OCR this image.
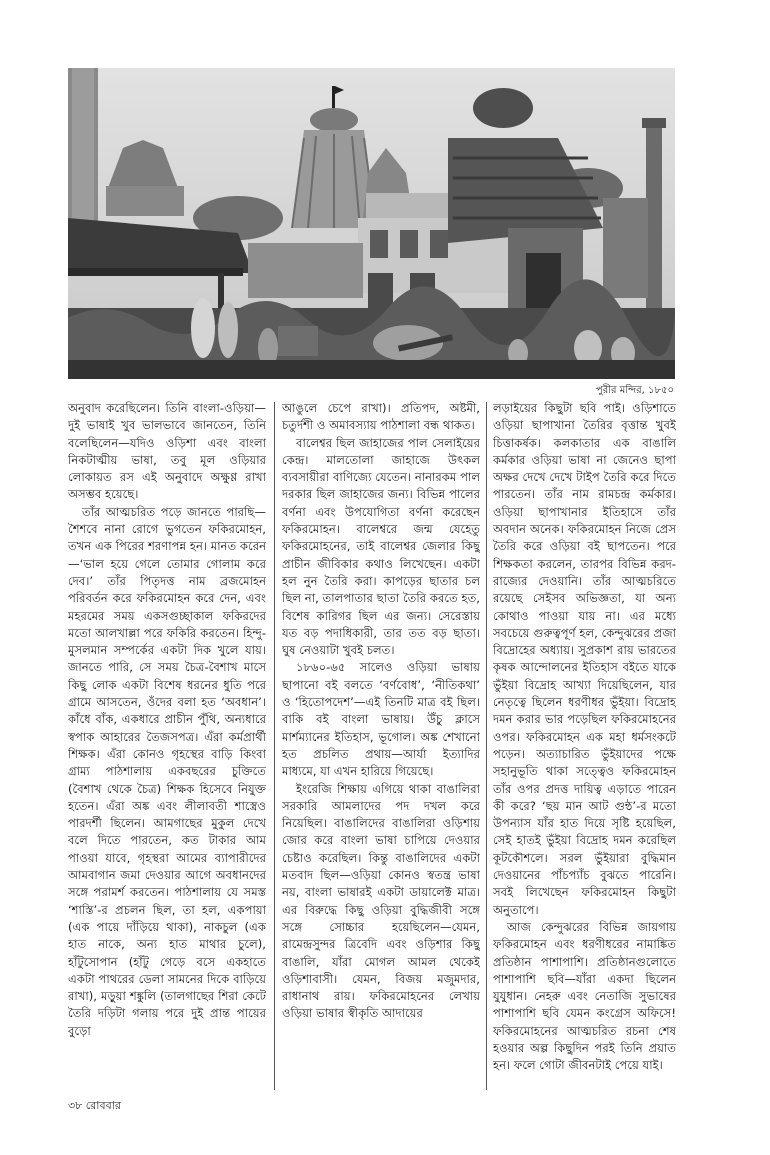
পুরীর মন্দির, ১৮৫০

অনুবাদ করেছিলেন। তিনি বাংলা-ওড়িয়া—দুই ভাষাই খুব ভালভাবে জানতেন, তিনি বলেছিলেন—যদিও ওড়িশা এবং বাংলা নিকটাত্মীয় ভাষা, তবু মূল ওড়িয়ার লোকায়ত রস এই অনুবাদে অক্ষুণ্ণ রাখা অসম্ভব হয়েছে।

তাঁর আত্মচরিত পড়ে জানতে পারছি—শৈশবে নানা রোগে ভুগতেন ফকিরমোহন, তখন এক পিরের শরণাপন্ন হন। মানত করেন—‘ভাল হয়ে গেলে তোমার গোলাম করে দেব।’ তাঁর পিতৃদত্ত নাম ব্রজমোহন পরিবর্তন করে ফকিরমোহন করে দেন, এবং মহরমের সময় একসগুচ্ছাকাল ফকিরদের মতো আলখাল্লা পরে ফকিরি করতেন। হিন্দু-মুসলমান সম্পর্কের একটা দিক খুলে যায়। জানতে পারি, সে সময় চৈত্র-বৈশাখ মাসে কিছু লোক একটা বিশেষ ধরনের ধুতি পরে গ্রামে আসতেন, ওঁদের বলা হত ‘অবধান’। কাঁধে বাঁক, একধারে প্রাচীন পুঁথি, অন্যধারে স্বপাক আহারের তৈজসপত্র। এঁরা কর্মপ্রার্থী শিক্ষক। এঁরা কোনও গৃহস্থের বাড়ি কিংবা গ্রাম্য পাঠশালায় একবছরের চুক্তিতে (বৈশাখ থেকে চৈত্র) শিক্ষক হিসেবে নিযুক্ত হতেন। এঁরা অঙ্ক এবং লীলাবতী শাস্ত্রেও পারদর্শী ছিলেন। আমগাছের মুকুল দেখে বলে দিতে পারতেন, কত টাকার আম পাওয়া যাবে, গৃহস্থরা আমের ব্যাপারীদের আমবাগান জমা দেওয়ার আগে অবধানদের সঙ্গে পরামর্শ করতেন। পাঠশালায় যে সমস্ত ‘শাস্তি’-র প্রচলন ছিল, তা হল, একপায়া (এক পায়ে দাঁড়িয়ে থাকা), নাকচুল (এক হাত নাকে, অন্য হাত মাথার চুলে), হাঁটুসোপান (হাঁটু গেড়ে বসে একহাতে একটা পাথরের ডেলা সামনের দিকে বাড়িয়ে রাখা), মড়ুয়া শঙ্কুলি (তালগাছের শিরা কেটে তৈরি দড়িটা গলায় পরে দুই প্রান্ত পায়ের বুড়ো

আঙুলে চেপে রাখা)। প্রতিপদ, অষ্টমী, চতুর্দশী ও অমাবস্যায় পাঠশালা বন্ধ থাকত।

বালেশ্বর ছিল জাহাজের পাল সেলাইয়ের কেন্দ্র। মালতোলা জাহাজে উৎকল ব্যবসায়ীরা বাণিজ্যে যেতেন। নানারকম পাল দরকার ছিল জাহাজের জন্য। বিভিন্ন পালের বর্ণনা এবং উপযোগিতা বর্ণনা করেছেন ফকিরমোহন। বালেশ্বরে জন্ম যেহেতু ফকিরমোহনের, তাই বালেশ্বর জেলার কিছু প্রাচীন জীবিকার কথাও লিখেছেন। একটা হল নুন তৈরি করা। কাপড়ের ছাতার চল ছিল না, তালপাতার ছাতা তৈরি করতে হত, বিশেষ কারিগর ছিল এর জন্য। সেরেস্তায় যত বড় পদাধিকারী, তার তত বড় ছাতা। ঘুষ নেওয়াটা খুবই চলত।

১৮৬০-৬৫ সালেও ওড়িয়া ভাষায় ছাপানো বই বলতে ‘বর্ণবোধ’, ‘নীতিকথা’ ও ‘হিতোপদেশ’—এই তিনটি মাত্র বই ছিল। বাকি বই বাংলা ভাষায়। উঁচু ক্লাসে মার্শম্যানের ইতিহাস, ভূগোল। অঙ্ক শেখানো হত প্রচলিত প্রথায়—আর্যা ইত্যাদির মাধ্যমে, যা এখন হারিয়ে গিয়েছে।

ইংরেজি শিক্ষায় এগিয়ে থাকা বাঙালিরা সরকারি আমলাদের পদ দখল করে নিয়েছিল। বাঙালিদের বাঙালিরা ওড়িশায় জোর করে বাংলা ভাষা চাপিয়ে দেওয়ার চেষ্টাও করেছিল। কিন্তু বাঙালিদের একটা মতবাদ ছিল—ওড়িয়া কোনও স্বতন্ত্র ভাষা নয়, বাংলা ভাষারই একটা ডায়ালেক্ট মাত্র। এর বিরুদ্ধে কিছু ওড়িয়া বুদ্ধিজীবী সঙ্গে সঙ্গে সোচ্চার হয়েছিলেন—যেমন, রামেন্দ্রসুন্দর ত্রিবেদি এবং ওড়িশার কিছু বাঙালি, যাঁরা মোগল আমল থেকেই ওড়িশাবাসী। যেমন, বিজয় মজুমদার, রাধানাথ রায়। ফকিরমোহনের লেখায় ওড়িয়া ভাষার স্বীকৃতি আদায়ের

লড়াইয়ের কিছুটা ছবি পাই। ওড়িশাতে ওড়িয়া ছাপাখানা তৈরির বৃত্তান্ত খুবই চিত্তাকর্ষক। কলকাতার এক বাঙালি কর্মকার ওড়িয়া ভাষা না জেনেও ছাপা অক্ষর দেখে দেখে টাইপ তৈরি করে দিতে পারতেন। তাঁর নাম রামচন্দ্র কর্মকার। ওড়িয়া ছাপাখানার ইতিহাসে তাঁর অবদান অনেক। ফকিরমোহন নিজে প্রেস তৈরি করে ওড়িয়া বই ছাপতেন। পরে শিক্ষকতা করলেন, তারপর বিভিন্ন করদ-রাজ্যের দেওয়ানি। তাঁর আত্মচরিতে রয়েছে সেইসব অভিজ্ঞতা, যা অন্য কোথাও পাওয়া যায় না। এর মধ্যে সবচেয়ে গুরুত্বপূর্ণ হল, কেন্দুঝরের প্রজা বিদ্রোহের অধ্যায়। সুপ্রকাশ রায় ভারতের কৃষক আন্দোলনের ইতিহাস বইতে যাকে ভুঁইয়া বিদ্রোহ আখ্যা দিয়েছিলেন, যার নেতৃত্বে ছিলেন ধরণীধর ভুঁইয়া। বিদ্রোহ দমন করার ভার পড়েছিল ফকিরমোহনের ওপর। ফকিরমোহন এক মহা ধর্মসংকটে পড়েন। অত্যাচারিত ভুঁইয়াদের পক্ষে সহানুভূতি থাকা সত্ত্বেও ফকিরমোহন তাঁর ওপর প্রদত্ত দায়িত্ব এড়াতে পারেন কী করে? ‘ছয় মান আট গুন্ঠ’-র মতো উপন্যাস যাঁর হাত দিয়ে সৃষ্টি হয়েছিল, সেই হাতই ভুঁইয়া বিদ্রোহ দমন করেছিল কূটকৌশলে। সরল ভুঁইয়ারা বুদ্ধিমান দেওয়ানের পাঁচপ্যাঁচ বুঝতে পারেনি। সবই লিখেছেন ফকিরমোহন কিছুটা অনুতাপে।

আজ কেন্দুঝরের বিভিন্ন জায়গায় ফকিরমোহন এবং ধরণীধরের নামাঙ্কিত প্রতিষ্ঠান পাশাপাশি। প্রতিষ্ঠানগুলোতে পাশাপাশি ছবি—যাঁরা একদা ছিলেন যুযুধান। নেহরু এবং নেতাজি সুভাষের পাশাপাশি ছবি যেমন কংগ্রেস অফিসে! ফকিরমোহনের আত্মচরিত রচনা শেষ হওয়ার অল্প কিছুদিন পরই তিনি প্রয়াত হন। ফলে গোটা জীবনটাই পেয়ে যাই।

৩৮ রোববার
